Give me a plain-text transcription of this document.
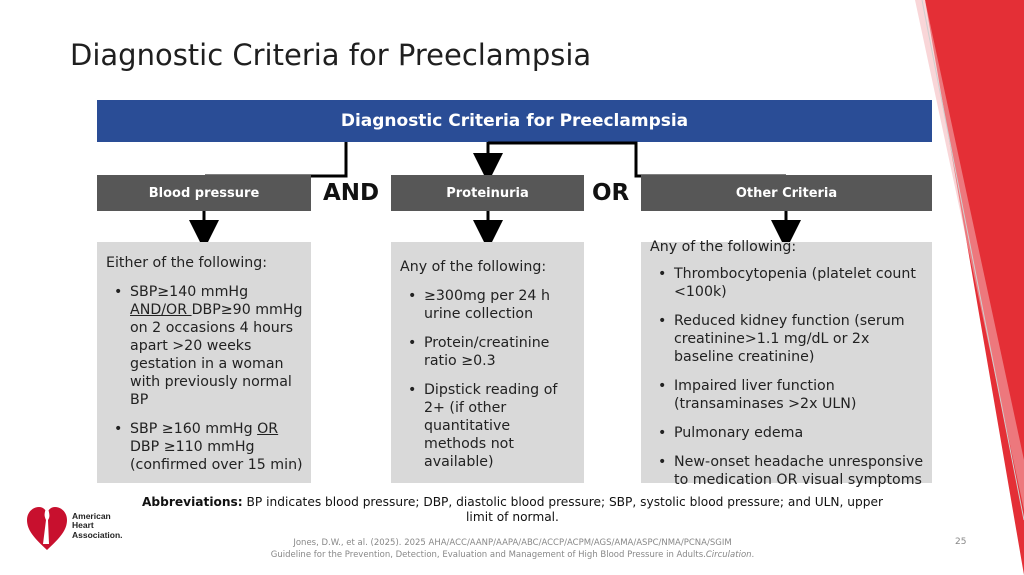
Diagnostic Criteria for Preeclampsia
Diagnostic Criteria for Preeclampsia
Blood pressure	AND	Proteinuria	OR	Other Criteria

Either of the following:

• SBP≥140 mmHg AND/OR DBP≥90 mmHg on 2 occasions 4 hours apart >20 weeks gestation in a woman with previously normal BP
• SBP ≥160 mmHg OR DBP ≥110 mmHg (confirmed over 15 min)

Any of the following:

• ≥300mg per 24 h urine collection
• Protein/creatinine ratio ≥0.3
• Dipstick reading of 2+ (if other quantitative methods not available)

Any of the following:

• Thrombocytopenia (platelet count <100k)
• Reduced kidney function (serum creatinine>1.1 mg/dL or 2x baseline creatinine)
• Impaired liver function (transaminases >2x ULN)
• Pulmonary edema
• New-onset headache unresponsive to medication OR visual symptoms
Abbreviations: BP indicates blood pressure; DBP, diastolic blood pressure; SBP, systolic blood pressure; and ULN, upper limit of normal.
Jones, D.W., et al. (2025). 2025 AHA/ACC/AANP/AAPA/ABC/ACCP/ACPM/AGS/AMA/ASPC/NMA/PCNA/SGIM
Guideline for the Prevention, Detection, Evaluation and Management of High Blood Pressure in Adults.Circulation.
25
American
Heart
Association.
